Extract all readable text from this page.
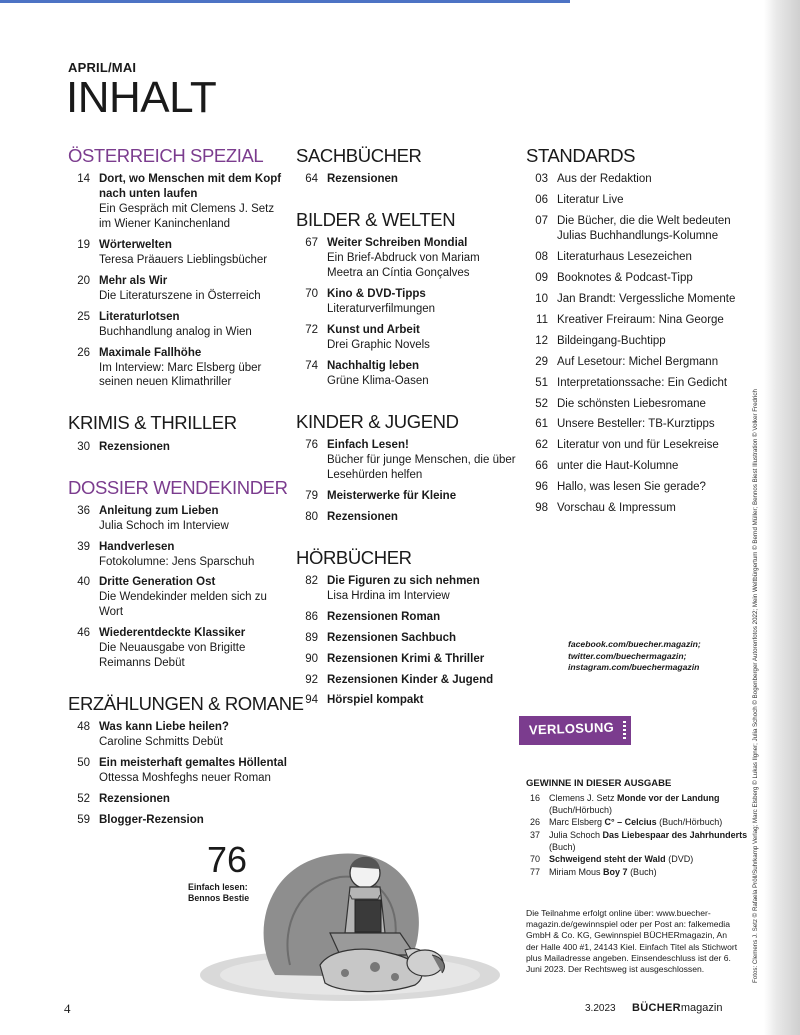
Fotos: Clemens J. Setz © Rafaela Pröll/Suhrkamp Verlag; Marc Elsberg © Lukas Ilgner; Julia Schoch © Bogenberger Autorenfotos 2022; Mein Weltbürgertum © Bernd Müller; Bennos Biest Illustration © Volker Fredrich
APRIL/MAI
INHALT
ÖSTERREICH SPEZIAL
14 Dort, wo Menschen mit dem Kopf nach unten laufen
Ein Gespräch mit Clemens J. Setz im Wiener Kaninchenland
19 Wörterwelten
Teresa Präauers Lieblingsbücher
20 Mehr als Wir
Die Literaturszene in Österreich
25 Literaturlotsen
Buchhandlung analog in Wien
26 Maximale Fallhöhe
Im Interview: Marc Elsberg über seinen neuen Klimathriller
KRIMIS & THRILLER
30 Rezensionen
DOSSIER WENDEKINDER
36 Anleitung zum Lieben
Julia Schoch im Interview
39 Handverlesen
Fotokolumne: Jens Sparschuh
40 Dritte Generation Ost
Die Wendekinder melden sich zu Wort
46 Wiederentdeckte Klassiker
Die Neuausgabe von Brigitte Reimanns Debüt
ERZÄHLUNGEN & ROMANE
48 Was kann Liebe heilen?
Caroline Schmitts Debüt
50 Ein meisterhaft gemaltes Höllental
Ottessa Moshfeghs neuer Roman
52 Rezensionen
59 Blogger-Rezension
SACHBÜCHER
64 Rezensionen
BILDER & WELTEN
67 Weiter Schreiben Mondial
Ein Brief-Abdruck von Mariam Meetra an Cíntia Gonçalves
70 Kino & DVD-Tipps
Literaturverfilmungen
72 Kunst und Arbeit
Drei Graphic Novels
74 Nachhaltig leben
Grüne Klima-Oasen
KINDER & JUGEND
76 Einfach Lesen!
Bücher für junge Menschen, die über Lesehürden helfen
79 Meisterwerke für Kleine
80 Rezensionen
HÖRBÜCHER
82 Die Figuren zu sich nehmen
Lisa Hrdina im Interview
86 Rezensionen Roman
89 Rezensionen Sachbuch
90 Rezensionen Krimi & Thriller
92 Rezensionen Kinder & Jugend
94 Hörspiel kompakt
STANDARDS
03 Aus der Redaktion
06 Literatur Live
07 Die Bücher, die die Welt bedeuten Julias Buchhandlungs-Kolumne
08 Literaturhaus Lesezeichen
09 Booknotes & Podcast-Tipp
10 Jan Brandt: Vergessliche Momente
11 Kreativer Freiraum: Nina George
12 Bildeingang-Buchtipp
29 Auf Lesetour: Michel Bergmann
51 Interpretationssache: Ein Gedicht
52 Die schönsten Liebesromane
61 Unsere Besteller: TB-Kurztipps
62 Literatur von und für Lesekreise
66 unter die Haut-Kolumne
96 Hallo, was lesen Sie gerade?
98 Vorschau & Impressum
facebook.com/buecher.magazin;
twitter.com/buechermagazin;
instagram.com/buechermagazin
VERLOSUNG
GEWINNE IN DIESER AUSGABE
16 Clemens J. Setz Monde vor der Landung (Buch/Hörbuch)
26 Marc Elsberg C° – Celcius (Buch/Hörbuch)
37 Julia Schoch Das Liebespaar des Jahrhunderts (Buch)
70 Schweigend steht der Wald (DVD)
77 Miriam Mous Boy 7 (Buch)
Die Teilnahme erfolgt online über: www.buecher-magazin.de/gewinnspiel oder per Post an: falkemedia GmbH & Co. KG, Gewinnspiel BÜCHERmagazin, An der Halle 400 #1, 24143 Kiel. Einfach Titel als Stichwort plus Mailadresse angeben. Einsendeschluss ist der 6. Juni 2023. Der Rechtsweg ist ausgeschlossen.
76
Einfach lesen:
Bennos Bestie
4	3.2023 BÜCHERmagazin
